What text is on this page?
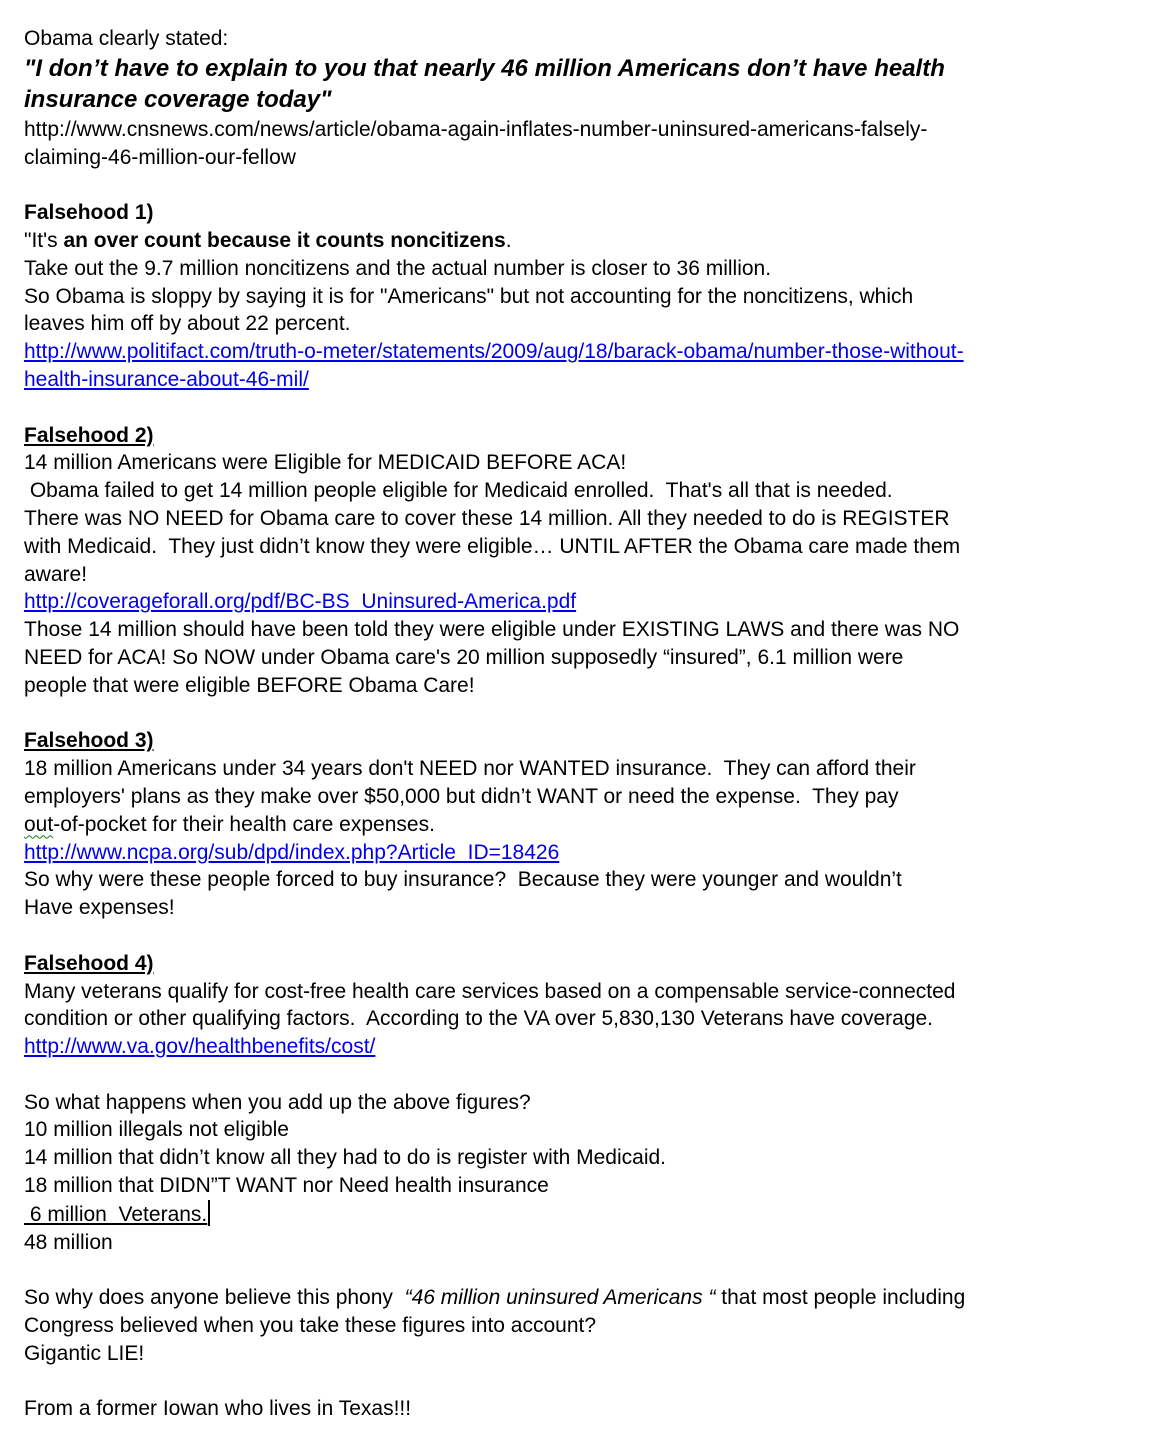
Obama clearly stated:
"I don’t have to explain to you that nearly 46 million Americans don’t have health
insurance coverage today"
http://www.cnsnews.com/news/article/obama-again-inflates-number-uninsured-americans-falsely-
claiming-46-million-our-fellow

Falsehood 1)
"It's an over count because it counts noncitizens.
Take out the 9.7 million noncitizens and the actual number is closer to 36 million.
So Obama is sloppy by saying it is for "Americans" but not accounting for the noncitizens, which
leaves him off by about 22 percent.
http://www.politifact.com/truth-o-meter/statements/2009/aug/18/barack-obama/number-those-without-
health-insurance-about-46-mil/

Falsehood 2)
14 million Americans were Eligible for MEDICAID BEFORE ACA!
Obama failed to get 14 million people eligible for Medicaid enrolled.  That's all that is needed.
There was NO NEED for Obama care to cover these 14 million. All they needed to do is REGISTER
with Medicaid.  They just didn’t know they were eligible… UNTIL AFTER the Obama care made them
aware!
http://coverageforall.org/pdf/BC-BS_Uninsured-America.pdf
Those 14 million should have been told they were eligible under EXISTING LAWS and there was NO
NEED for ACA! So NOW under Obama care's 20 million supposedly “insured”, 6.1 million were
people that were eligible BEFORE Obama Care!

Falsehood 3)
18 million Americans under 34 years don't NEED nor WANTED insurance.  They can afford their
employers' plans as they make over $50,000 but didn’t WANT or need the expense.  They pay
out-of-pocket for their health care expenses.
http://www.ncpa.org/sub/dpd/index.php?Article_ID=18426
So why were these people forced to buy insurance?  Because they were younger and wouldn’t
Have expenses!

Falsehood 4)
Many veterans qualify for cost-free health care services based on a compensable service-connected
condition or other qualifying factors.  According to the VA over 5,830,130 Veterans have coverage.
http://www.va.gov/healthbenefits/cost/

So what happens when you add up the above figures?
10 million illegals not eligible
14 million that didn’t know all they had to do is register with Medicaid.
18 million that DIDN”T WANT nor Need health insurance
6 million  Veterans.
48 million

So why does anyone believe this phony  “46 million uninsured Americans “ that most people including
Congress believed when you take these figures into account?
Gigantic LIE!

From a former Iowan who lives in Texas!!!
